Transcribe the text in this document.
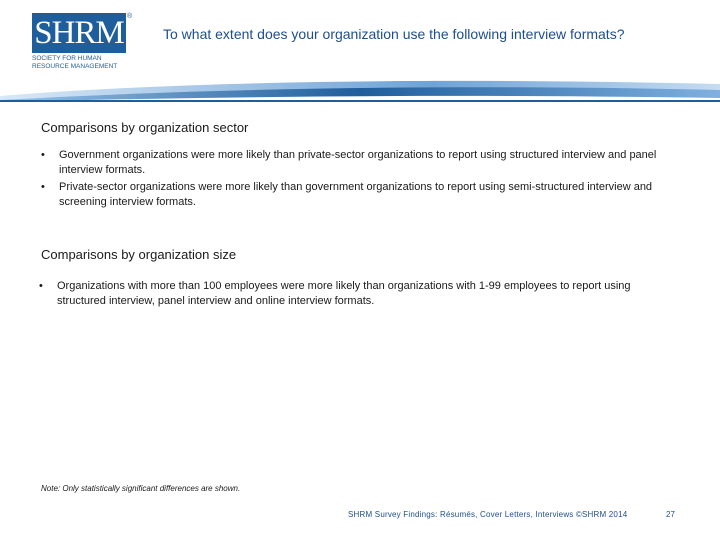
SHRM ®
SOCIETY FOR HUMAN
RESOURCE MANAGEMENT
To what extent does your organization use the following interview formats?
Comparisons by organization sector
• Government organizations were more likely than private-sector organizations to report using structured interview and panel interview formats.
• Private-sector organizations were more likely than government organizations to report using semi-structured interview and screening interview formats.
Comparisons by organization size
• Organizations with more than 100 employees were more likely than organizations with 1-99 employees to report using structured interview, panel interview and online interview formats.
Note: Only statistically significant differences are shown.
SHRM Survey Findings: Résumés, Cover Letters, Interviews ©SHRM 2014	27
